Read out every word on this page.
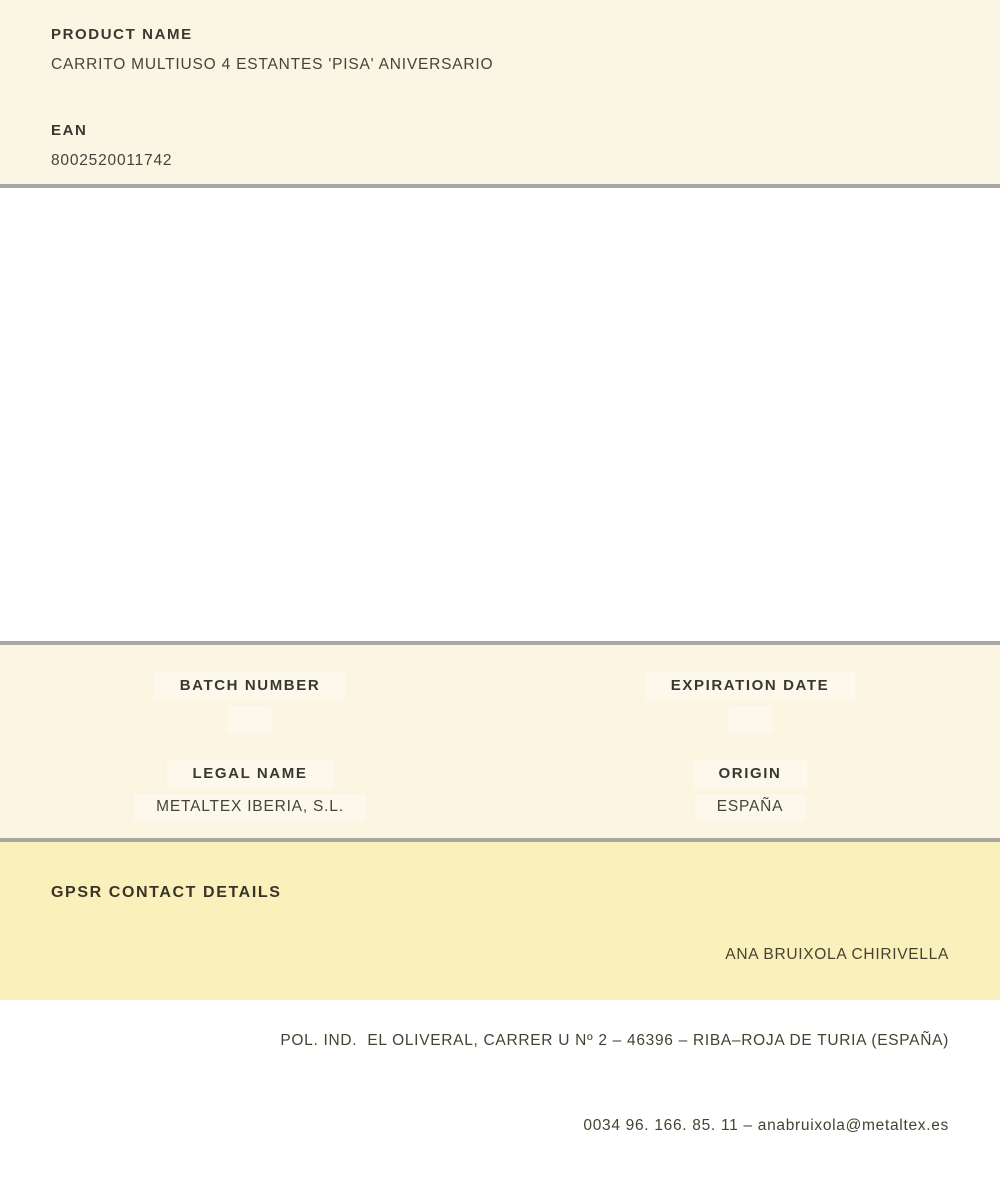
PRODUCT NAME
CARRITO MULTIUSO 4 ESTANTES 'PISA' ANIVERSARIO
EAN
8002520011742
BATCH NUMBER	EXPIRATION DATE
LEGAL NAME
METALTEX IBERIA, S.L.
ORIGIN
ESPAÑA
GPSR CONTACT DETAILS

ANA BRUIXOLA CHIRIVELLA

POL. IND.  EL OLIVERAL, CARRER U Nº 2 – 46396 – RIBA–ROJA DE TURIA (ESPAÑA)

0034 96. 166. 85. 11 – anabruixola@metaltex.es
